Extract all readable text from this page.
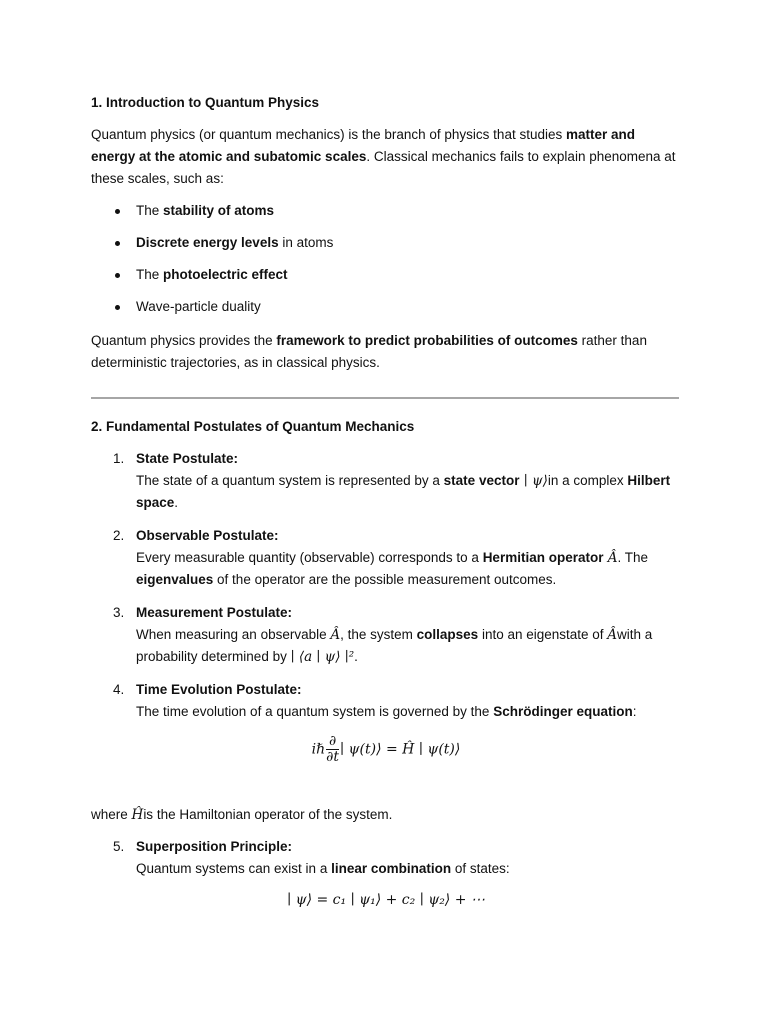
1. Introduction to Quantum Physics

Quantum physics (or quantum mechanics) is the branch of physics that studies matter and energy at the atomic and subatomic scales. Classical mechanics fails to explain phenomena at these scales, such as:

The stability of atoms
Discrete energy levels in atoms
The photoelectric effect
Wave-particle duality

Quantum physics provides the framework to predict probabilities of outcomes rather than deterministic trajectories, as in classical physics.

2. Fundamental Postulates of Quantum Mechanics
1. State Postulate:
The state of a quantum system is represented by a state vector ∣ ψ⟩in a complex Hilbert space.
2. Observable Postulate:
Every measurable quantity (observable) corresponds to a Hermitian operator Â. The eigenvalues of the operator are the possible measurement outcomes.
3. Measurement Postulate:
When measuring an observable Â, the system collapses into an eigenstate of Âwith a probability determined by ∣ ⟨a ∣ ψ⟩ ∣².
4. Time Evolution Postulate:
The time evolution of a quantum system is governed by the Schrödinger equation:
iℏ $\frac{\partial}{\partial t}$ ∣ ψ(t)⟩ = Ĥ ∣ ψ(t)⟩

where Ĥis the Hamiltonian operator of the system.

5. Superposition Principle:
Quantum systems can exist in a linear combination of states:
∣ ψ⟩ = c₁ ∣ ψ₁⟩ + c₂ ∣ ψ₂⟩ + ⋯
